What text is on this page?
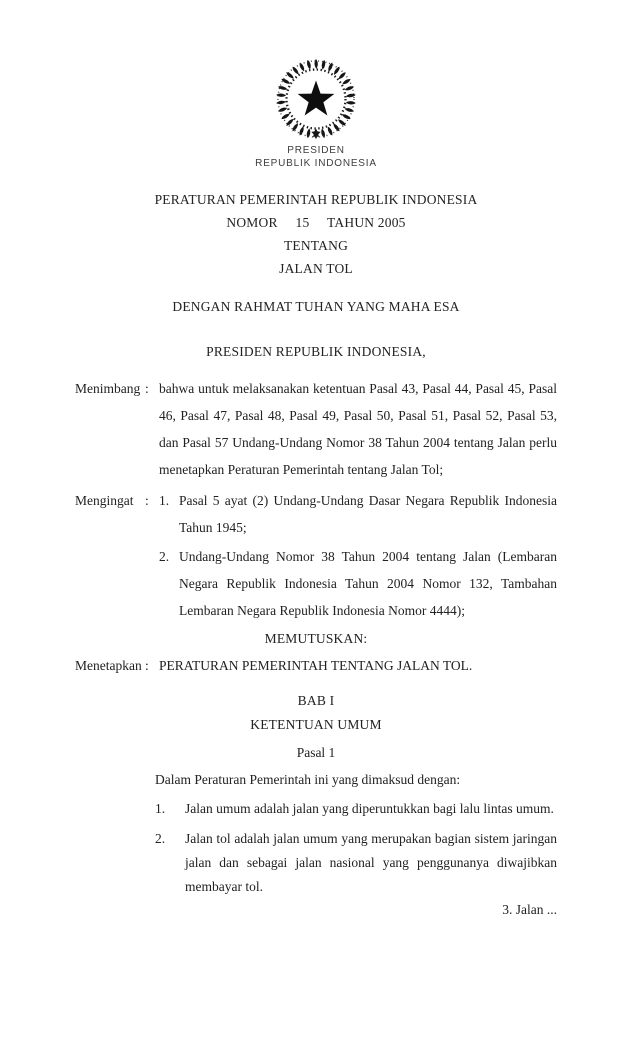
PRESIDEN
REPUBLIK INDONESIA
PERATURAN PEMERINTAH REPUBLIK INDONESIA
NOMOR     15     TAHUN 2005
TENTANG
JALAN TOL
DENGAN RAHMAT TUHAN YANG MAHA ESA
PRESIDEN REPUBLIK INDONESIA,
Menimbang : bahwa untuk melaksanakan ketentuan Pasal 43, Pasal 44, Pasal 45, Pasal 46, Pasal 47, Pasal 48, Pasal 49, Pasal 50, Pasal 51, Pasal 52, Pasal 53, dan Pasal 57 Undang-Undang Nomor 38 Tahun 2004 tentang Jalan perlu menetapkan Peraturan Pemerintah tentang Jalan Tol;
Mengingat : 1. Pasal 5 ayat (2) Undang-Undang Dasar Negara Republik Indonesia Tahun 1945;
2. Undang-Undang Nomor 38 Tahun 2004 tentang Jalan (Lembaran Negara Republik Indonesia Tahun 2004 Nomor 132, Tambahan Lembaran Negara Republik Indonesia Nomor 4444);
MEMUTUSKAN:
Menetapkan : PERATURAN PEMERINTAH TENTANG JALAN TOL.
BAB I
KETENTUAN UMUM
Pasal 1
Dalam Peraturan Pemerintah ini yang dimaksud dengan:
1.	Jalan umum adalah jalan yang diperuntukkan bagi lalu lintas umum.
2.	Jalan tol adalah jalan umum yang merupakan bagian sistem jaringan jalan dan sebagai jalan nasional yang penggunanya diwajibkan membayar tol.
3. Jalan ...
